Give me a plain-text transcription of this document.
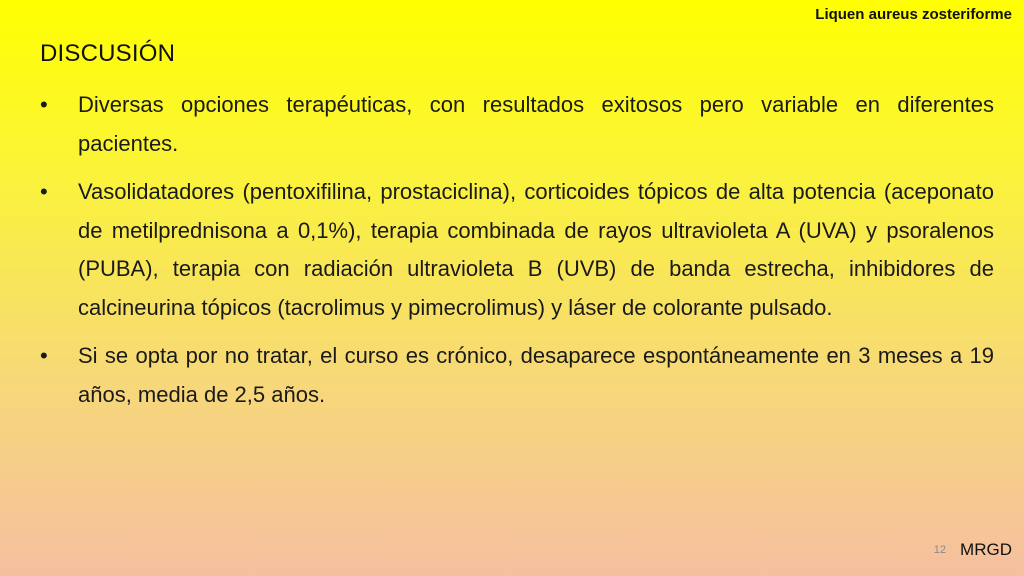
Liquen aureus zosteriforme
DISCUSIÓN
•	Diversas opciones terapéuticas, con resultados exitosos pero variable en diferentes pacientes.
•	Vasolidatadores (pentoxifilina, prostaciclina), corticoides tópicos de alta potencia (aceponato de metilprednisona a 0,1%), terapia combinada de rayos ultravioleta A (UVA) y psoralenos (PUBA), terapia con radiación ultravioleta B (UVB) de banda estrecha, inhibidores de calcineurina tópicos (tacrolimus y pimecrolimus) y láser de colorante pulsado.
•	Si se opta por no tratar, el curso es crónico, desaparece espontáneamente en 3 meses a 19 años, media de 2,5 años.
12 MRGD
